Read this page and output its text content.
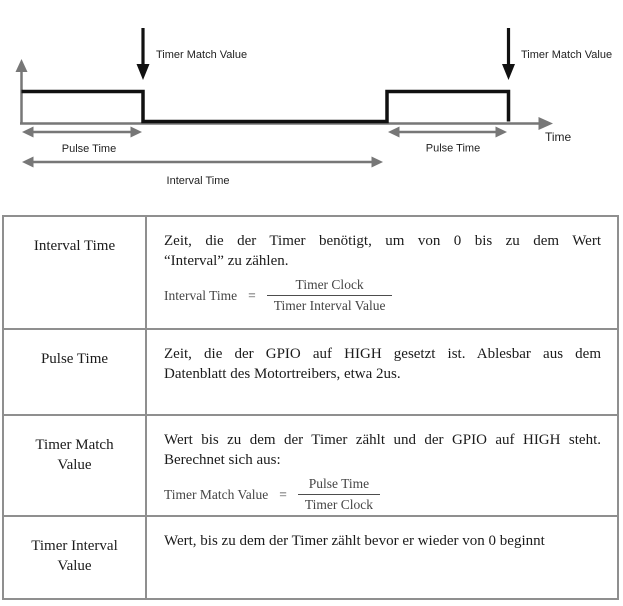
Time
Timer Match Value	Timer Match Value
Pulse Time	Pulse Time
Interval Time
Interval Time	Zeit, die der Timer benötigt, um von 0 bis zu dem Wert
“Interval” zu zählen.
Interval Time = $\frac{\text{Timer Clock}}{\text{Timer Interval Value}}$

Pulse Time	Zeit, die der GPIO auf HIGH gesetzt ist. Ablesbar aus dem
Datenblatt des Motortreibers, etwa 2us.

Timer Match
Value

Wert bis zu dem der Timer zählt und der GPIO auf HIGH steht.
Berechnet sich aus:
Timer Match Value = $\frac{\text{Pulse Time}}{\text{Timer Clock}}$

Timer Interval
Value	Wert, bis zu dem der Timer zählt bevor er wieder von 0 beginnt
